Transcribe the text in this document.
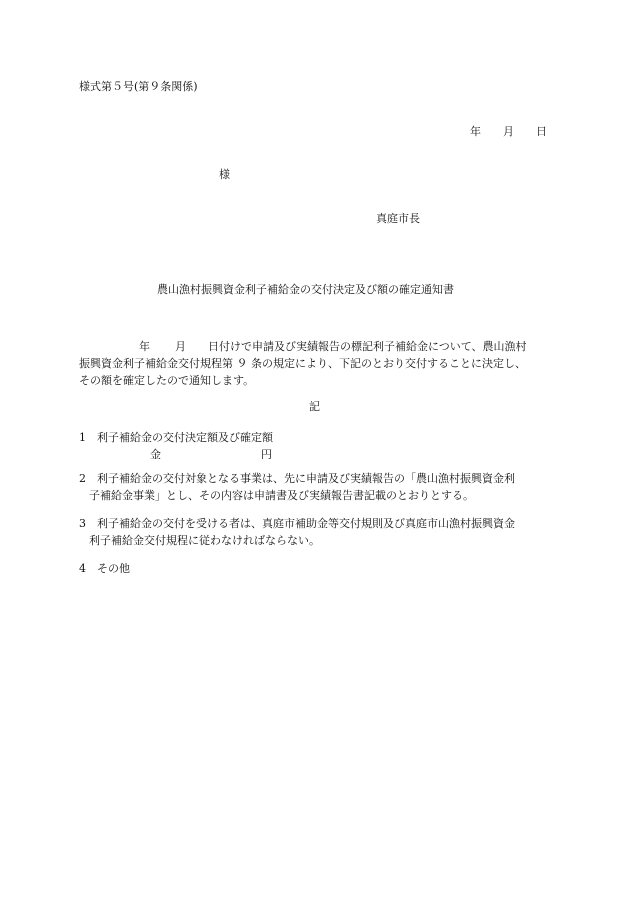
様式第５号(第９条関係)
年 月 日
様
真庭市長
農山漁村振興資金利子補給金の交付決定及び額の確定通知書
年 月 日付けで申請及び実績報告の標記利子補給金について、農山漁村
振興資金利子補給金交付規程第 ９ 条の規定により、下記のとおり交付することに決定し、
その額を確定したので通知します。
記
1　利子補給金の交付決定額及び確定額
金	円
2　利子補給金の交付対象となる事業は、先に申請及び実績報告の「農山漁村振興資金利
子補給金事業」とし、その内容は申請書及び実績報告書記載のとおりとする。
3　利子補給金の交付を受ける者は、真庭市補助金等交付規則及び真庭市山漁村振興資金
利子補給金交付規程に従わなければならない。
4　その他
